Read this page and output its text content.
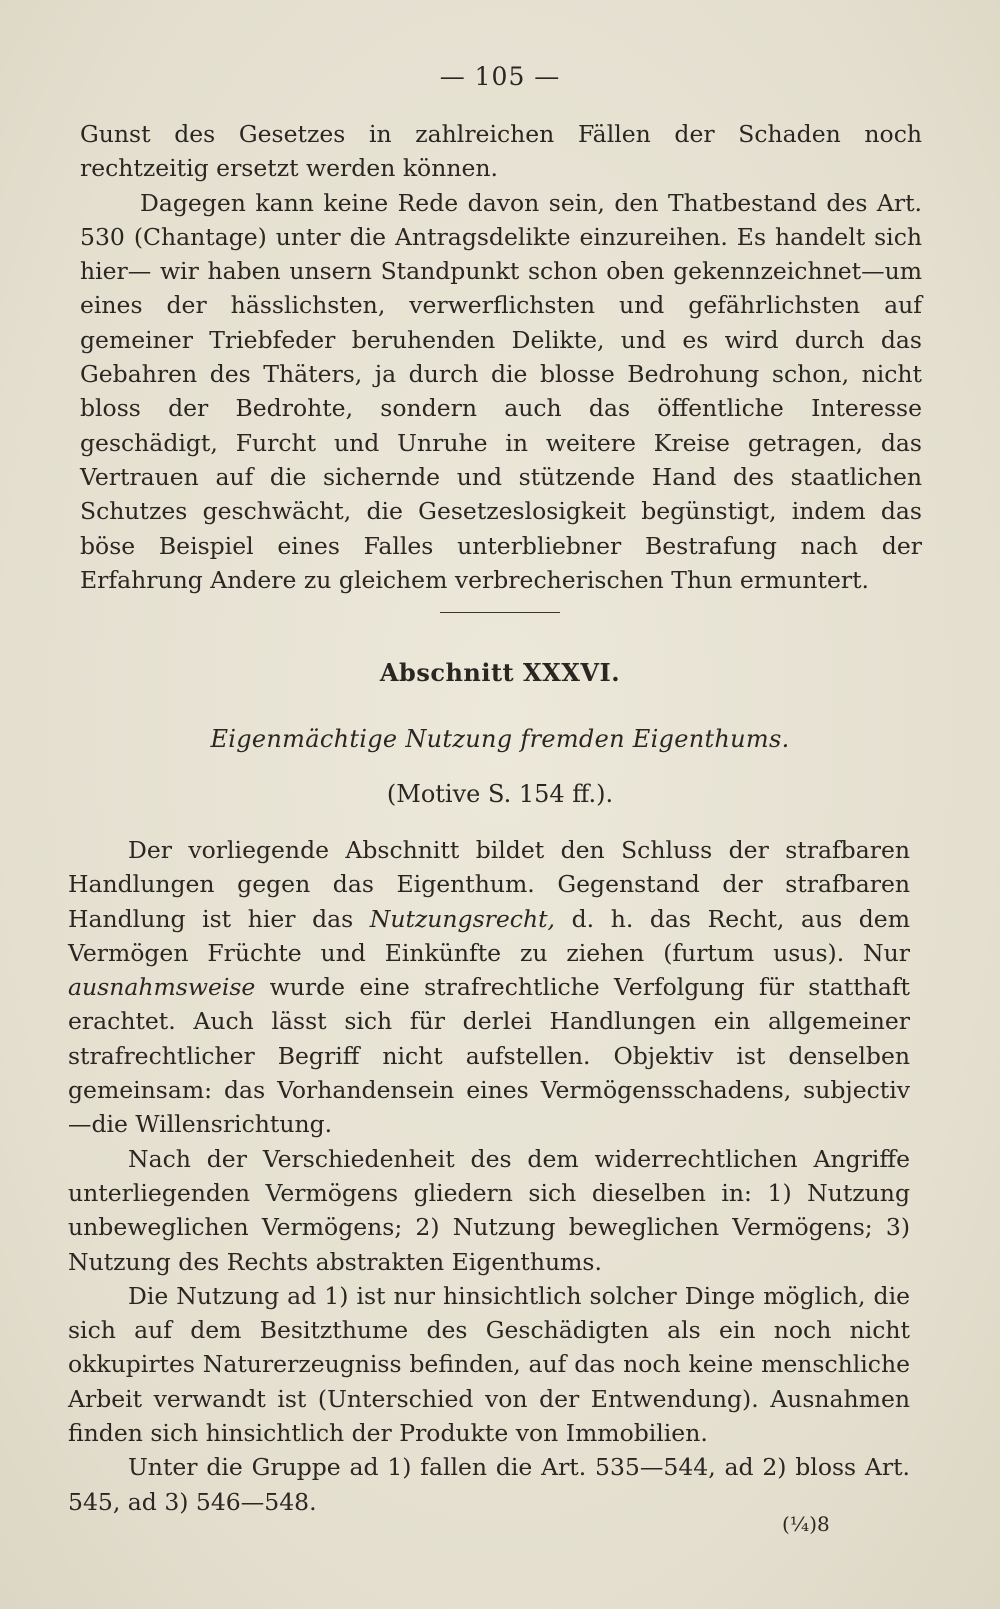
— 105 —

Gunst des Gesetzes in zahlreichen Fällen der Schaden noch rechtzeitig ersetzt werden können.

Dagegen kann keine Rede davon sein, den Thatbestand des Art. 530 (Chantage) unter die Antragsdelikte einzureihen. Es handelt sich hier— wir haben unsern Standpunkt schon oben gekennzeichnet—um eines der hässlichsten, verwerflichsten und gefährlichsten auf gemeiner Triebfeder beruhenden Delikte, und es wird durch das Gebahren des Thäters, ja durch die blosse Bedrohung schon, nicht bloss der Bedrohte, sondern auch das öffentliche Interesse geschädigt, Furcht und Unruhe in weitere Kreise getragen, das Vertrauen auf die sichernde und stützende Hand des staatlichen Schutzes geschwächt, die Gesetzeslosigkeit begünstigt, indem das böse Beispiel eines Falles unterbliebner Bestrafung nach der Erfahrung Andere zu gleichem verbrecherischen Thun ermuntert.

Abschnitt XXXVI.
Eigenmächtige Nutzung fremden Eigenthums.
(Motive S. 154 ff.).

Der vorliegende Abschnitt bildet den Schluss der strafbaren Handlungen gegen das Eigenthum. Gegenstand der strafbaren Handlung ist hier das Nutzungsrecht, d. h. das Recht, aus dem Vermögen Früchte und Einkünfte zu ziehen (furtum usus). Nur ausnahmsweise wurde eine strafrechtliche Verfolgung für statthaft erachtet. Auch lässt sich für derlei Handlungen ein allgemeiner strafrechtlicher Begriff nicht aufstellen. Objektiv ist denselben gemeinsam: das Vorhandensein eines Vermögensschadens, subjectiv—die Willensrichtung.

Nach der Verschiedenheit des dem widerrechtlichen Angriffe unterliegenden Vermögens gliedern sich dieselben in: 1) Nutzung unbeweglichen Vermögens; 2) Nutzung beweglichen Vermögens; 3) Nutzung des Rechts abstrakten Eigenthums.

Die Nutzung ad 1) ist nur hinsichtlich solcher Dinge möglich, die sich auf dem Besitzthume des Geschädigten als ein noch nicht okkupirtes Naturerzeugniss befinden, auf das noch keine menschliche Arbeit verwandt ist (Unterschied von der Entwendung). Ausnahmen finden sich hinsichtlich der Produkte von Immobilien.

Unter die Gruppe ad 1) fallen die Art. 535—544, ad 2) bloss Art. 545, ad 3) 546—548.

(¼)8
